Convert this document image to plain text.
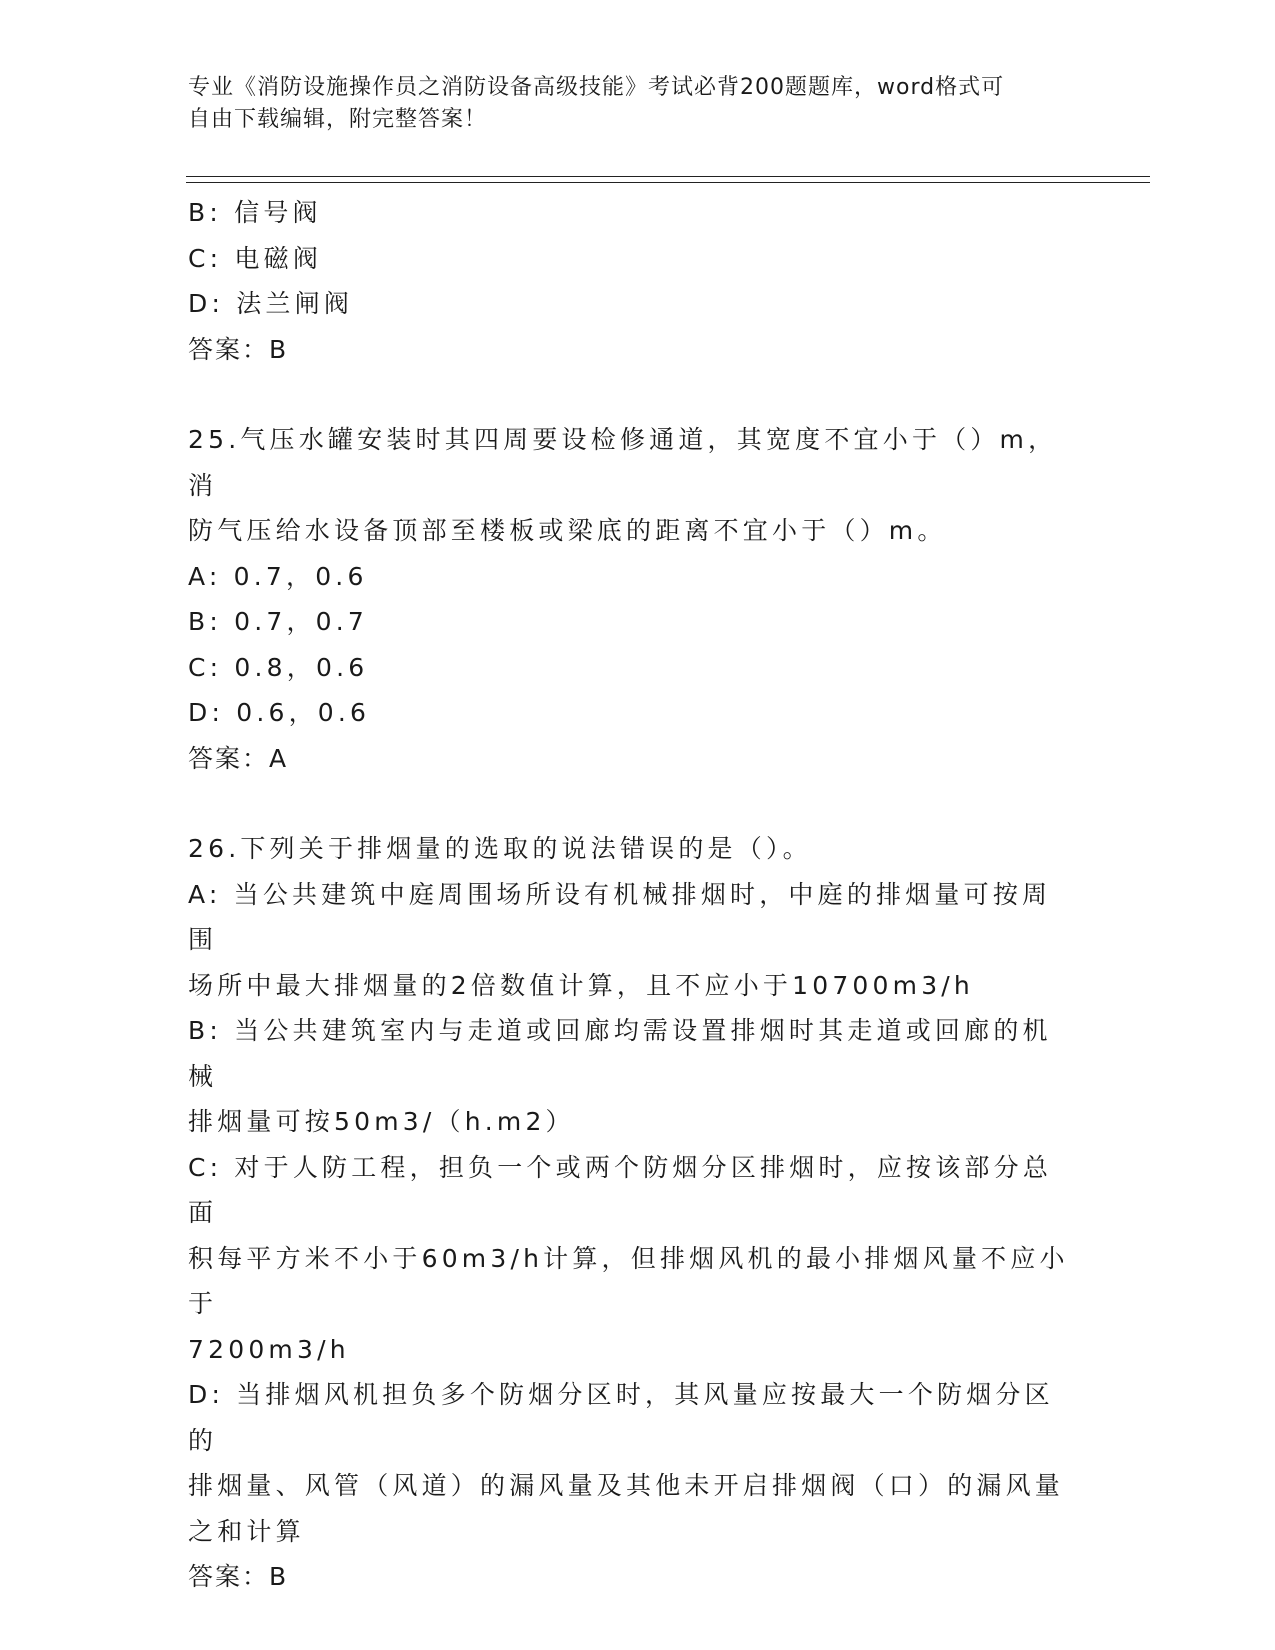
专业《消防设施操作员之消防设备高级技能》考试必背200题题库，word格式可
自由下载编辑，附完整答案！

B: 信号阀

C: 电磁阀

D: 法兰闸阀

答案：B

25.气压水罐安装时其四周要设检修通道，其宽度不宜小于（）m，消

防气压给水设备顶部至楼板或梁底的距离不宜小于（）m。

A: 0.7，0.6

B: 0.7，0.7

C: 0.8，0.6

D: 0.6，0.6

答案：A

26.下列关于排烟量的选取的说法错误的是（）。

A: 当公共建筑中庭周围场所设有机械排烟时，中庭的排烟量可按周围

场所中最大排烟量的2倍数值计算，且不应小于10700m3/h

B: 当公共建筑室内与走道或回廊均需设置排烟时其走道或回廊的机械

排烟量可按50m3/（h.m2）

C: 对于人防工程，担负一个或两个防烟分区排烟时，应按该部分总面

积每平方米不小于60m3/h计算，但排烟风机的最小排烟风量不应小于

7200m3/h

D: 当排烟风机担负多个防烟分区时，其风量应按最大一个防烟分区的

排烟量、风管（风道）的漏风量及其他未开启排烟阀（口）的漏风量

之和计算

答案：B
